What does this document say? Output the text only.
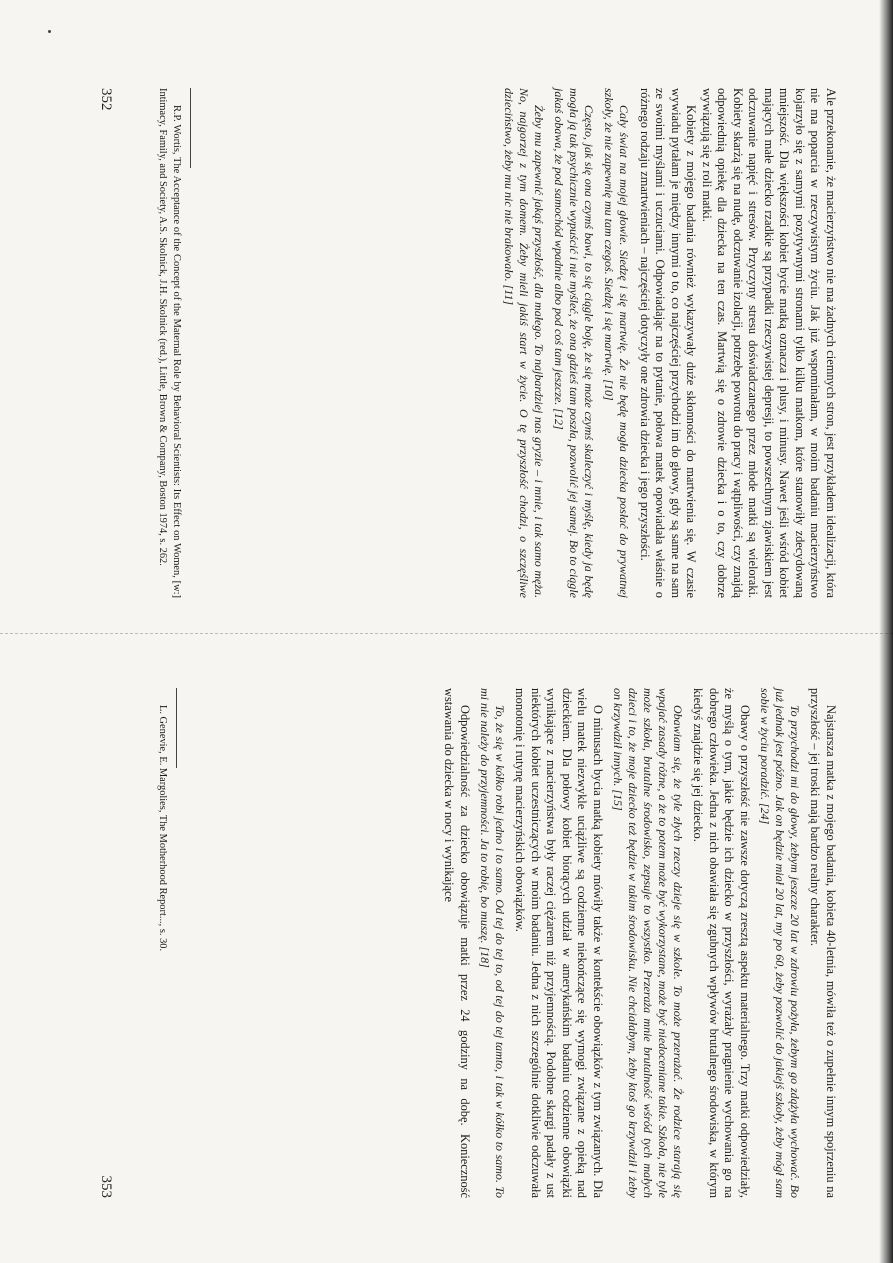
Ale przekonanie, że macierzyństwo nie ma żadnych ciemnych stron, jest przykładem idealizacji, która nie ma poparcia w rzeczywistym życiu. Jak już wspominałam, w moim badaniu macierzyństwo kojarzyło się z samymi pozytywnymi stronami tylko kilku matkom, które stanowiły zdecydowaną mniejszość. Dla większości kobiet bycie matką oznacza i plusy, i minusy. Nawet jeśli wśród kobiet mających małe dziecko rzadkie są przypadki rzeczywistej depresji, to powszechnym zjawiskiem jest odczuwanie napięć i stresów. Przyczyny stresu doświadczanego przez młode matki są wieloraki. Kobiety skarżą się na nudę, odczuwanie izolacji, potrzebę powrotu do pracy i wątpliwości, czy znajdą odpowiednią opiekę dla dziecka na ten czas. Martwią się o zdrowie dziecka i o to, czy dobrze wywiązują się z roli matki.

Kobiety z mojego badania również wykazywały duże skłonności do martwienia się. W czasie wywiadu pytałam je między innymi o to, co najczęściej przychodzi im do głowy, gdy są same na sam ze swoimi myślami i uczuciami. Odpowiadając na to pytanie, połowa matek opowiadała właśnie o różnego rodzaju zmartwieniach – najczęściej dotyczyły one zdrowia dziecka i jego przyszłości.

Cały świat na mojej głowie. Siedzę i się martwię. Że nie będę mogła dziecka posłać do prywatnej szkoły, że nie zapewnię mu tam czegoś. Siedzę i się martwię. [10]

Często, jak się ona czymś bawi, to się ciągle boję, że się może czymś skaleczyć i myślę, kiedy ja będę mogła ją tak psychicznie wypuścić i nie myśleć, że ona gdzieś tam poszła, pozwolić jej samej. Bo to ciągle jakaś obawa, że pod samochód wpadnie albo pod coś tam jeszcze. [12]

Żeby mu zapewnić jakąś przyszłość, dla małego. To najbardziej nas gryzie – i mnie, i tak samo męża. No, najgorzej z tym domem. Żeby mieli jakiś start w życie. O tę przyszłość chodzi, o szczęśliwe dzieciństwo, żeby mu nic nie brakowało. [11]

R.P. Wortis, The Acceptance of the Concept of the Maternal Role by Behavioral Scientists: Its Effect on Women, [w:] Intimacy, Family, and Society, A.S. Skolnick, J.H. Skolnick (red.), Little, Brown & Company, Boston 1974, s. 262.

352

Najstarsza matka z mojego badania, kobieta 40-letnia, mówiła też o zupełnie innym spojrzeniu na przyszłość – jej troski mają bardzo realny charakter.

To przychodzi mi do głowy, żebym jeszcze 20 lat w zdrowiu pożyła, żebym go zdążyła wychować. Bo już jednak jest późno. Jak on będzie miał 20 lat, my po 60, żeby pozwolić do jakiejś szkoły, żeby mógł sam sobie w życiu poradzić. [24]

Obawy o przyszłość nie zawsze dotyczą zresztą aspektu materialnego. Trzy matki odpowiedziały, że myślą o tym, jakie będzie ich dziecko w przyszłości, wyrażały pragnienie wychowania go na dobrego człowieka. Jedna z nich obawiała się zgubnych wpływów brutalnego środowiska, w którym kiedyś znajdzie się jej dziecko.

Obawiam się, że tyle złych rzeczy dzieje się w szkole. To może przerażać. Że rodzice starają się wpajać zasady różne, a że to potem może być wykorzystane, może być niedoceniane takie. Szkoła, nie tyle może szkoła, brutalne środowisko, zepsuje to wszystko. Przeraża mnie brutalność wśród tych małych dzieci i to, że moje dziecko też będzie w takim środowisku. Nie chciałabym, żeby ktoś go krzywdził i żeby on krzywdził innych. [15]

O minusach bycia matką kobiety mówiły także w kontekście obowiązków z tym związanych. Dla wielu matek niezwykle uciążliwe są codzienne niekończące się wymogi związane z opieką nad dzieckiem. Dla połowy kobiet biorących udział w amerykańskim badaniu codzienne obowiązki wynikające z macierzyństwa były raczej ciężarem niż przyjemnością. Podobne skargi padały z ust niektórych kobiet uczestniczących w moim badaniu. Jedna z nich szczególnie dotkliwie odczuwała monotonię i rutynę macierzyńskich obowiązków.

To, że się w kółko robi jedno i to samo. Od tej do tej to, od tej do tej tamto, i tak w kółko to samo. To mi nie należy do przyjemności. Ja to robię, bo muszę. [18]

Odpowiedzialność za dziecko obowiązuje matki przez 24 godziny na dobę. Konieczność wstawania do dziecka w nocy i wynikające

L. Genevie, E. Margolies, The Motherhood Report..., s. 30.

353
